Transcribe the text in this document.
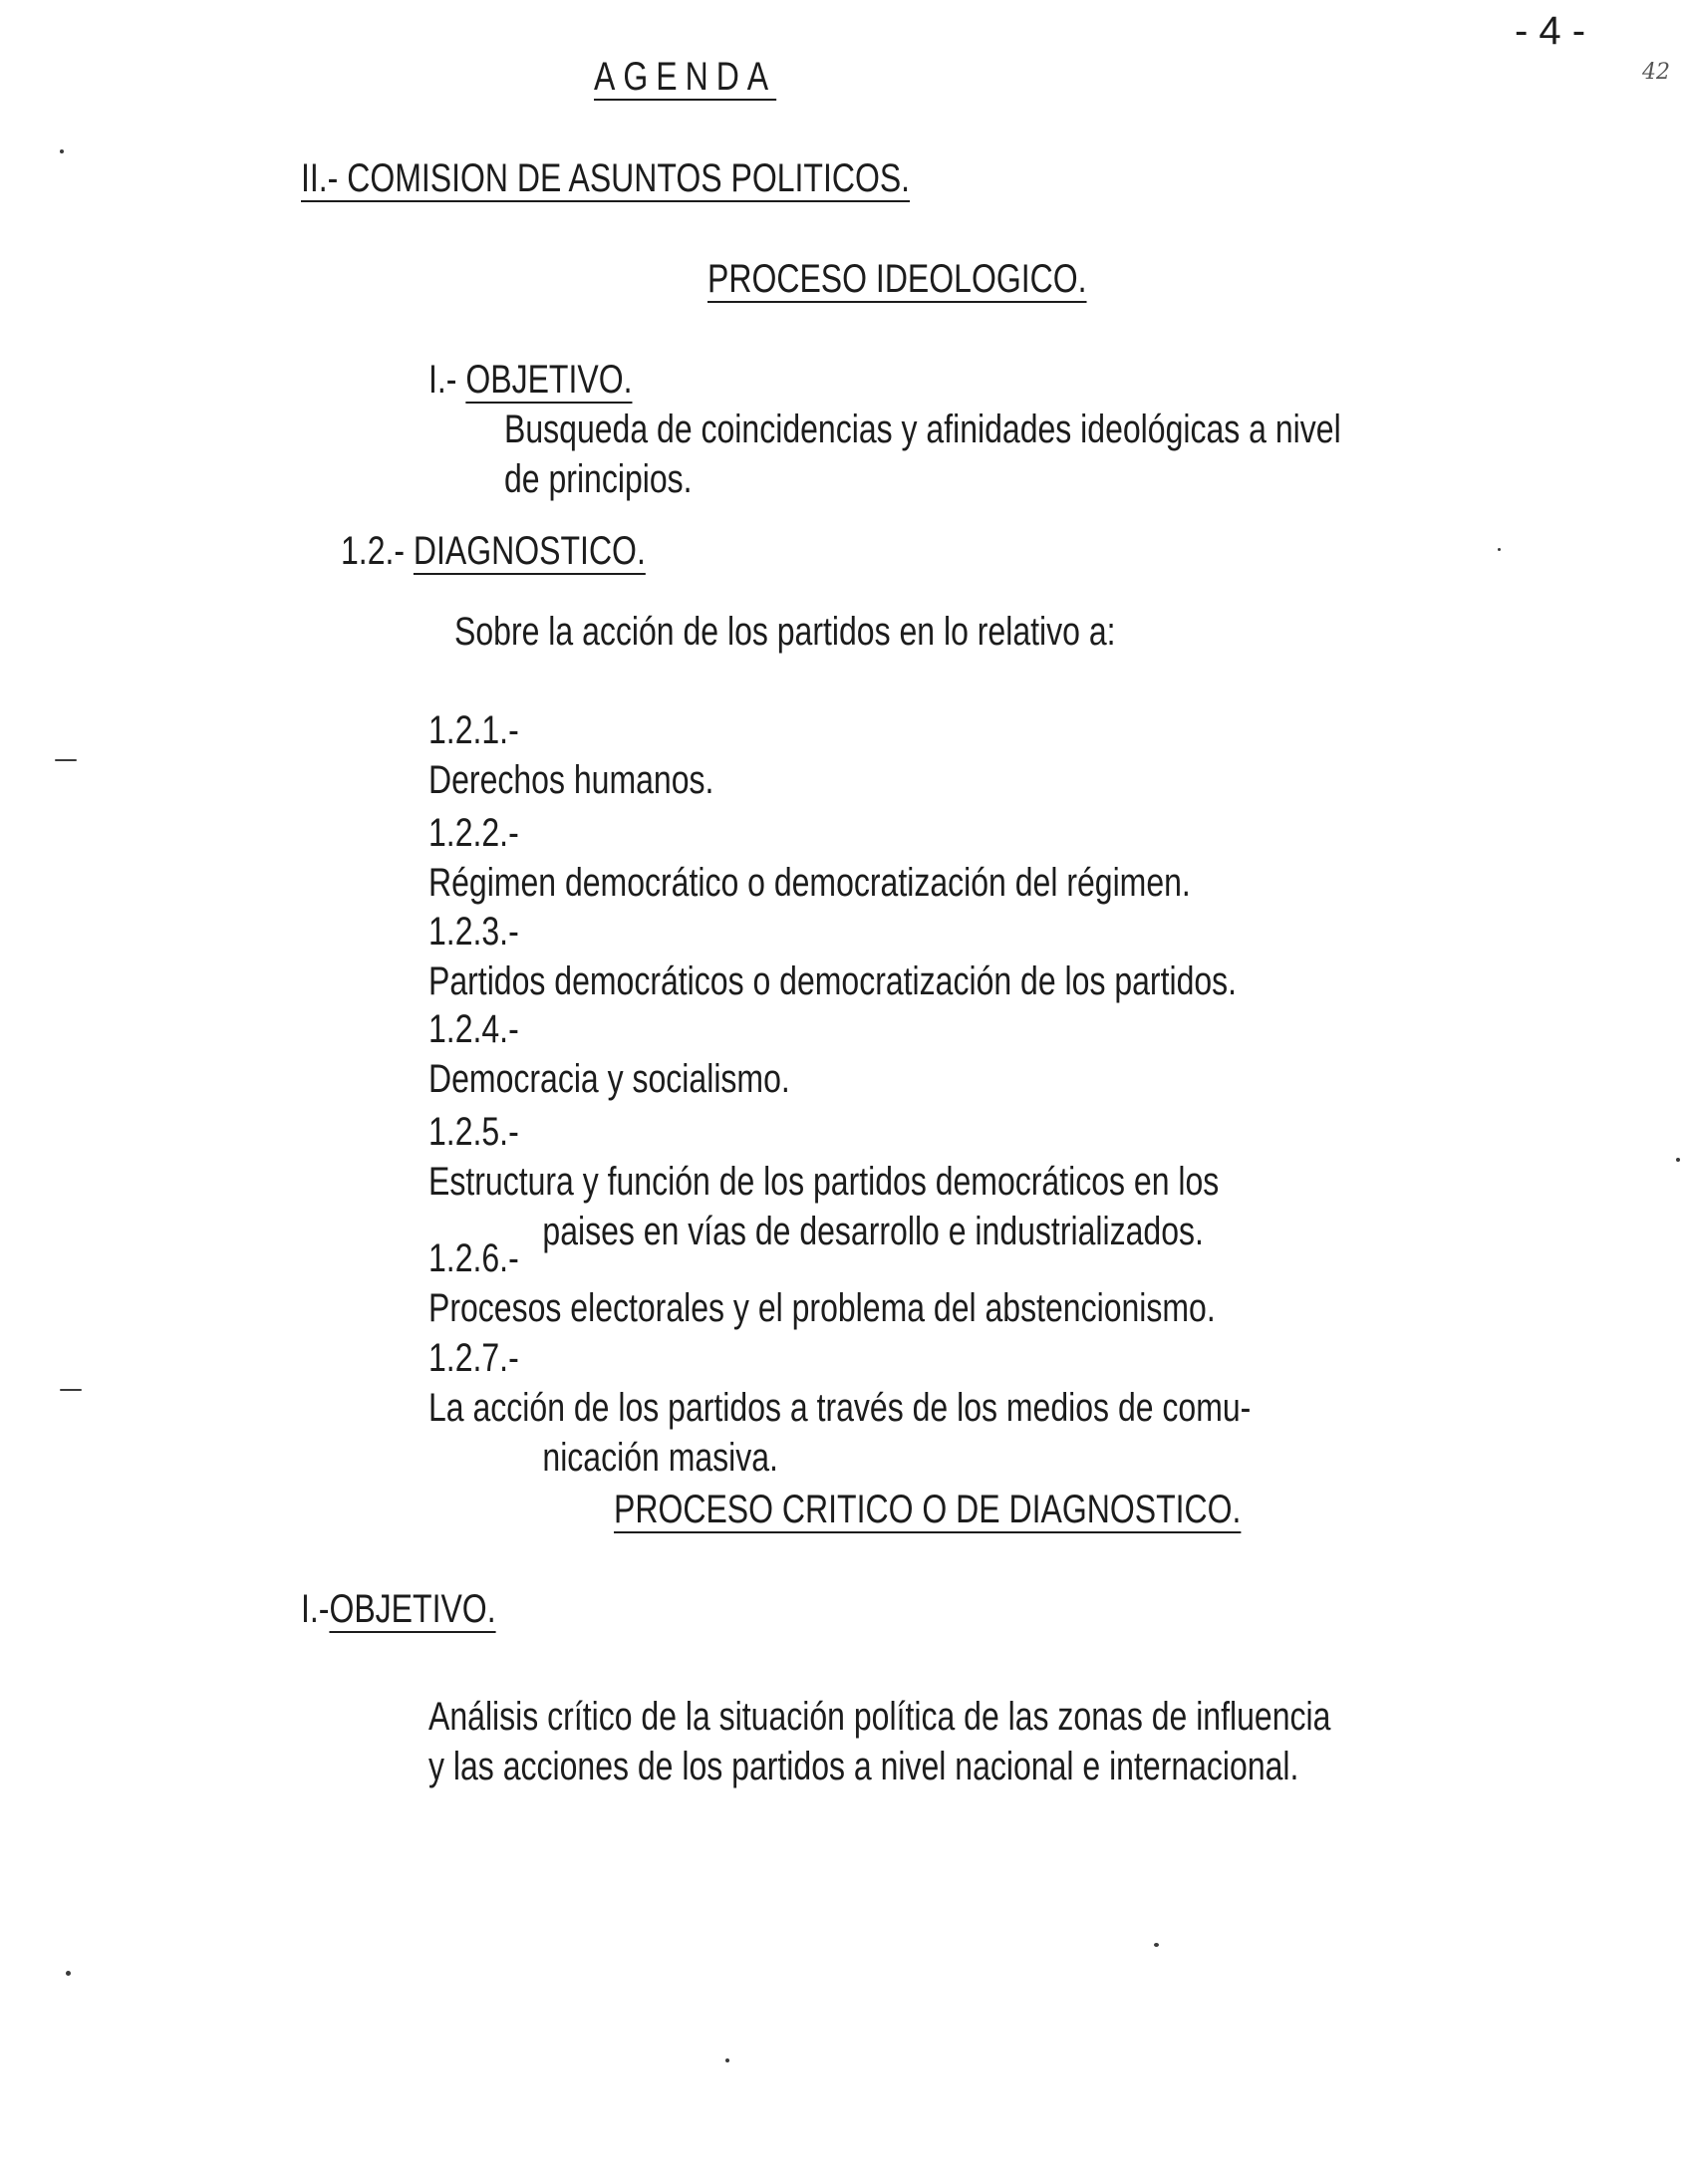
- 4 -

42

AGENDA

II.- COMISION DE ASUNTOS POLITICOS.

PROCESO IDEOLOGICO.

I.- OBJETIVO.

Busqueda de coincidencias y afinidades ideológicas a nivel
de principios.

1.2.- DIAGNOSTICO.

Sobre la acción de los partidos en lo relativo a:

1.2.1.-
Derechos humanos.
1.2.2.-
Régimen democrático o democratización del régimen.
1.2.3.-
Partidos democráticos o democratización de los partidos.
1.2.4.-
Democracia y socialismo.
1.2.5.-
Estructura y función de los partidos democráticos en los
paises en vías de desarrollo e industrializados.
1.2.6.-
Procesos electorales y el problema del abstencionismo.
1.2.7.-
La acción de los partidos a través de los medios de comu-
nicación masiva.

PROCESO CRITICO O DE DIAGNOSTICO.

I.-OBJETIVO.

Análisis crítico de la situación política de las zonas de influencia
y las acciones de los partidos a nivel nacional e internacional.
